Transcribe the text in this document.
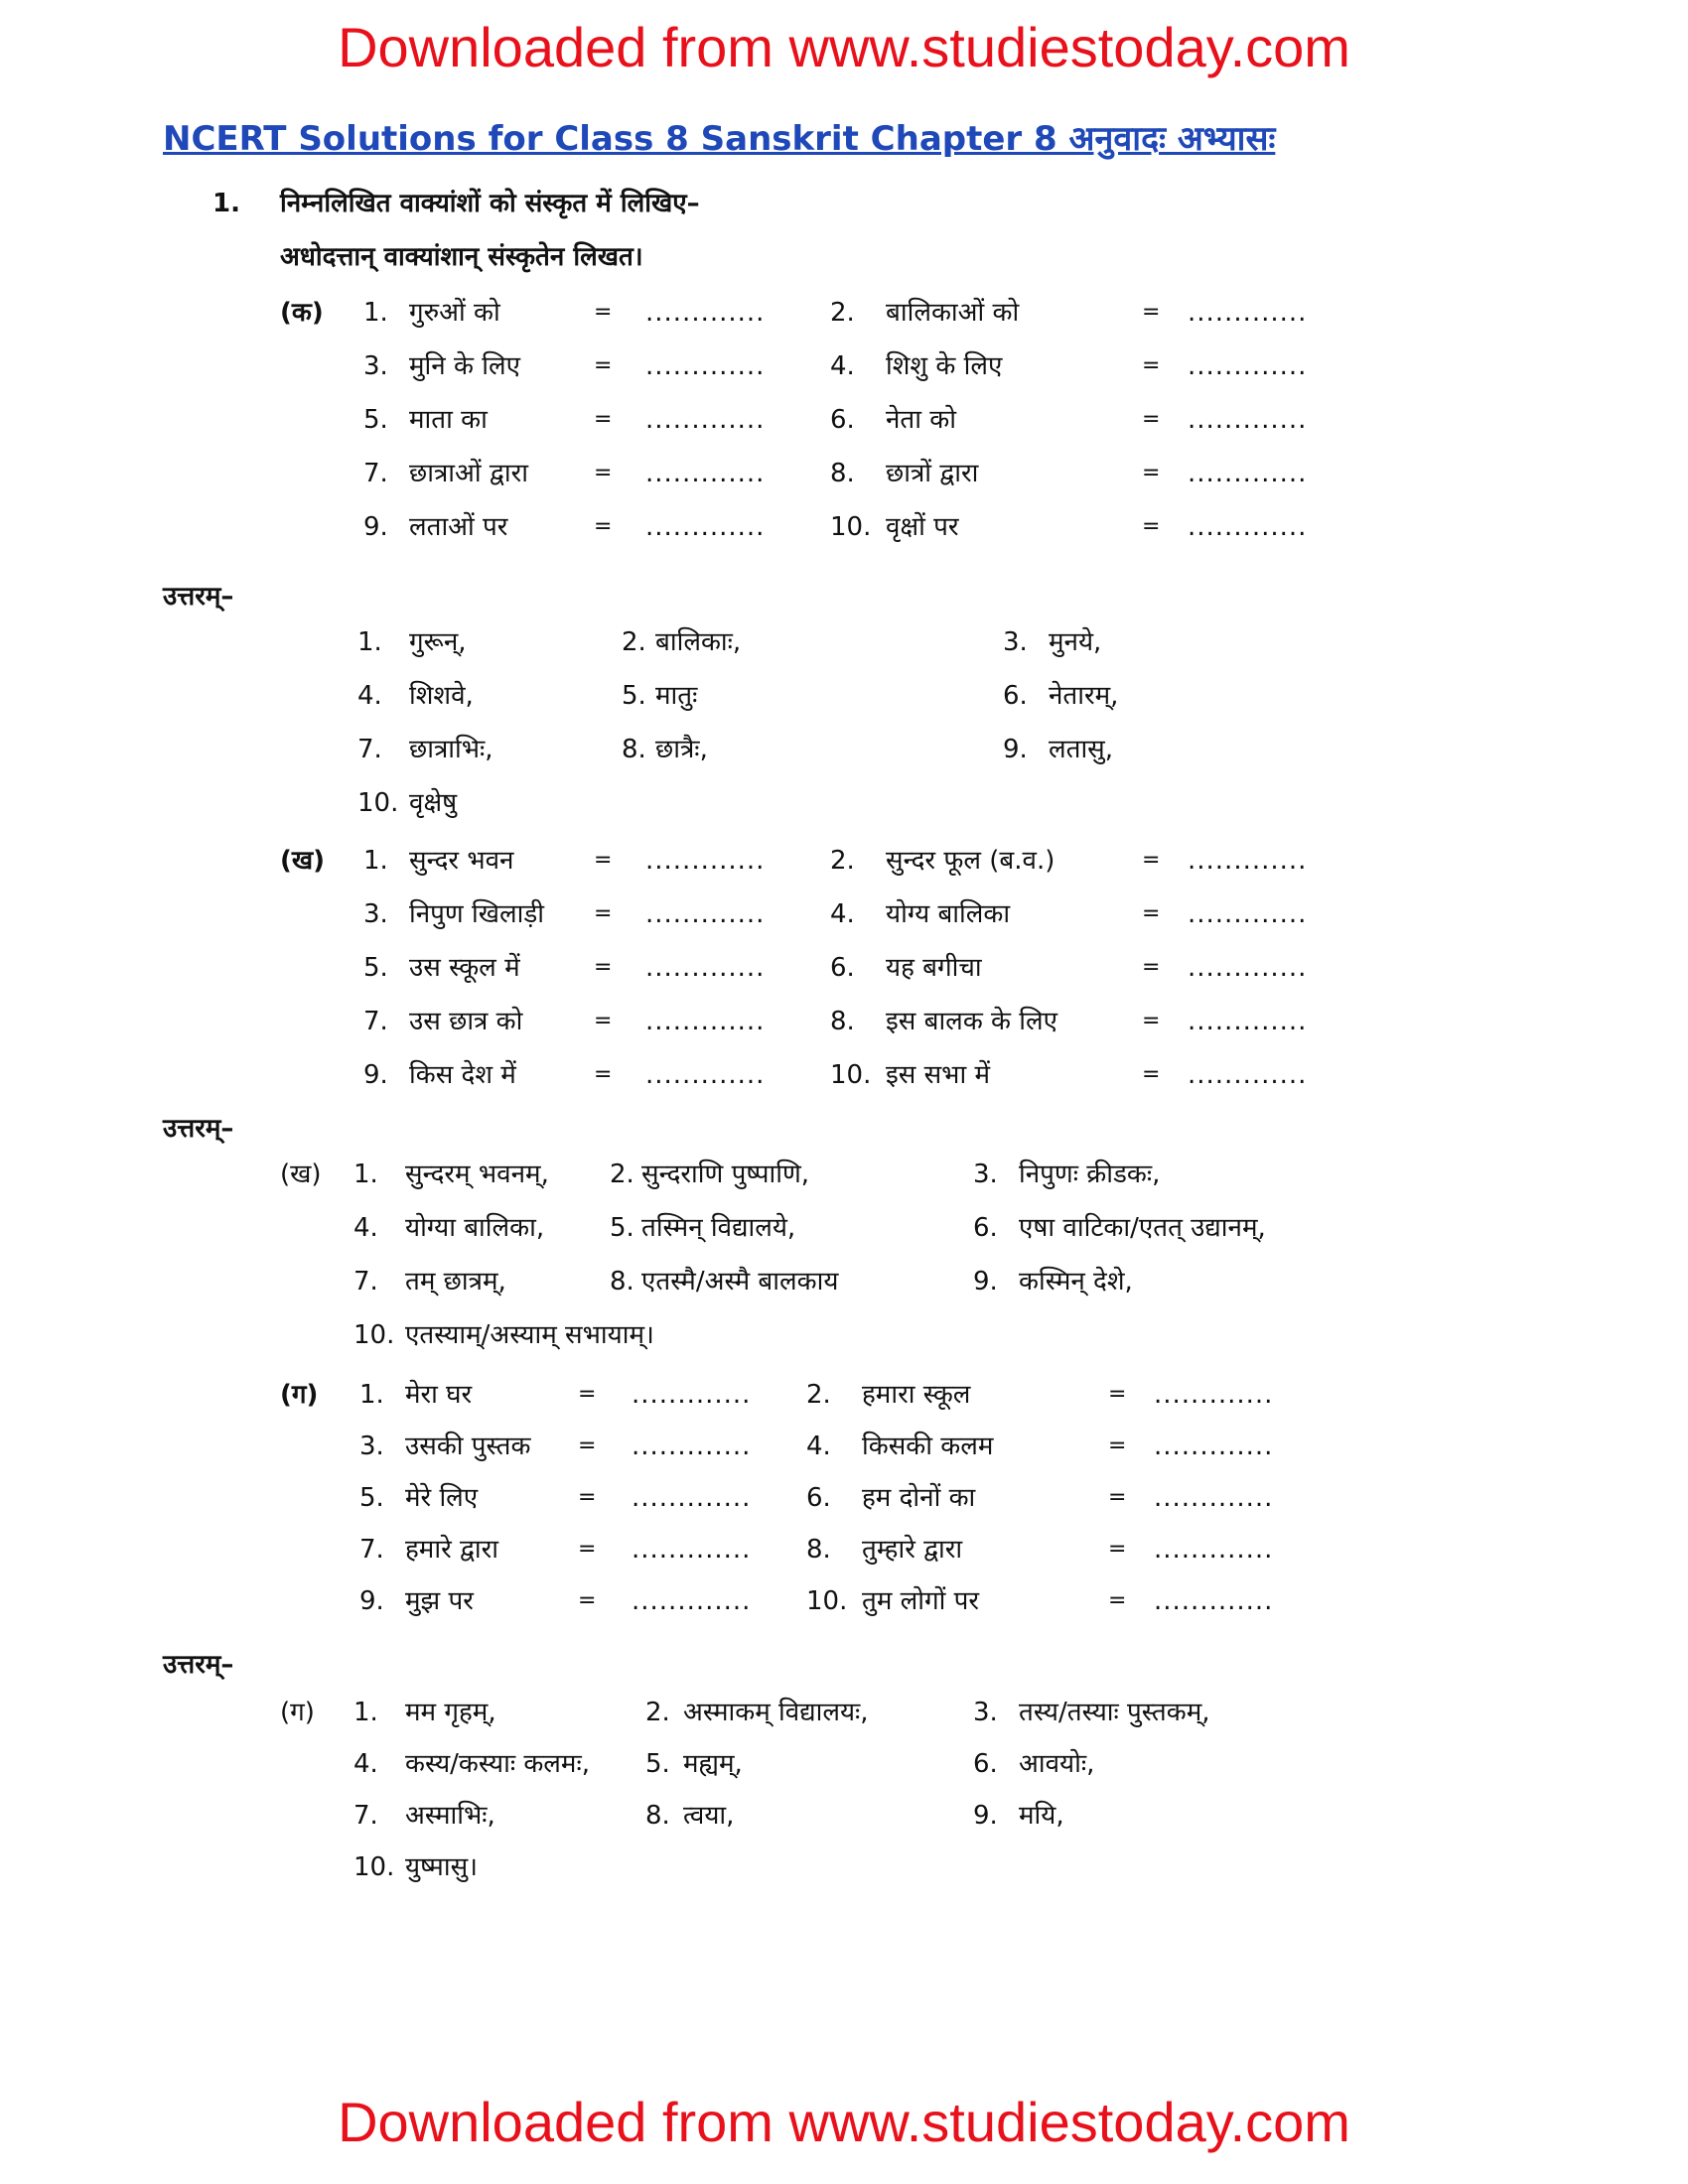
Downloaded from www.studiestoday.com
NCERT Solutions for Class 8 Sanskrit Chapter 8 अनुवादः अभ्यासः
1. निम्नलिखित वाक्यांशों को संस्कृत में लिखिए–
अधोदत्तान् वाक्यांशान् संस्कृतेन लिखत।
(क) 1. गुरुओं को	= .............	2. बालिकाओं को	= .............
3. मुनि के लिए	= .............	4. शिशु के लिए	= .............
5. माता का	= .............	6. नेता को	= .............
7. छात्राओं द्वारा	= .............	8. छात्रों द्वारा	= .............
9. लताओं पर	= .............	10. वृक्षों पर	= .............
उत्तरम्–
1. गुरून्,	2. बालिकाः,	3. मुनये,
4. शिशवे,	5. मातुः	6. नेतारम्,
7. छात्राभिः,	8. छात्रैः,	9. लतासु,
10. वृक्षेषु
(ख) 1. सुन्दर भवन	= .............	2. सुन्दर फूल (ब.व.)	= .............
3. निपुण खिलाड़ी = .............	4. योग्य बालिका	= .............
5. उस स्कूल में	= .............	6. यह बगीचा	= .............
7. उस छात्र को	= .............	8. इस बालक के लिए	= .............
9. किस देश में	= .............	10. इस सभा में	= .............
उत्तरम्–
(ख) 1. सुन्दरम् भवनम्, 2. सुन्दराणि पुष्पाणि,	3. निपुणः क्रीडकः,
4. योग्या बालिका,	5. तस्मिन् विद्यालये,	6. एषा वाटिका/एतत् उद्यानम्,
7. तम् छात्रम्,	8. एतस्मै/अस्मै बालकाय	9. कस्मिन् देशे,
10. एतस्याम्/अस्याम् सभायाम्।
(ग) 1. मेरा घर	= ............. 2. हमारा स्कूल	= .............
3. उसकी पुस्तक = ............. 4. किसकी कलम	= .............
5. मेरे लिए	= ............. 6. हम दोनों का	= .............
7. हमारे द्वारा	= ............. 8. तुम्हारे द्वारा	= .............
9. मुझ पर	= ............. 10. तुम लोगों पर	= .............
उत्तरम्–
(ग) 1. मम गृहम्,	2. अस्माकम् विद्यालयः,	3. तस्य/तस्याः पुस्तकम्,
4. कस्य/कस्याः कलमः, 5. मह्यम्,	6. आवयोः,
7. अस्माभिः,	8. त्वया,	9. मयि,
10. युष्मासु।
Downloaded from www.studiestoday.com
